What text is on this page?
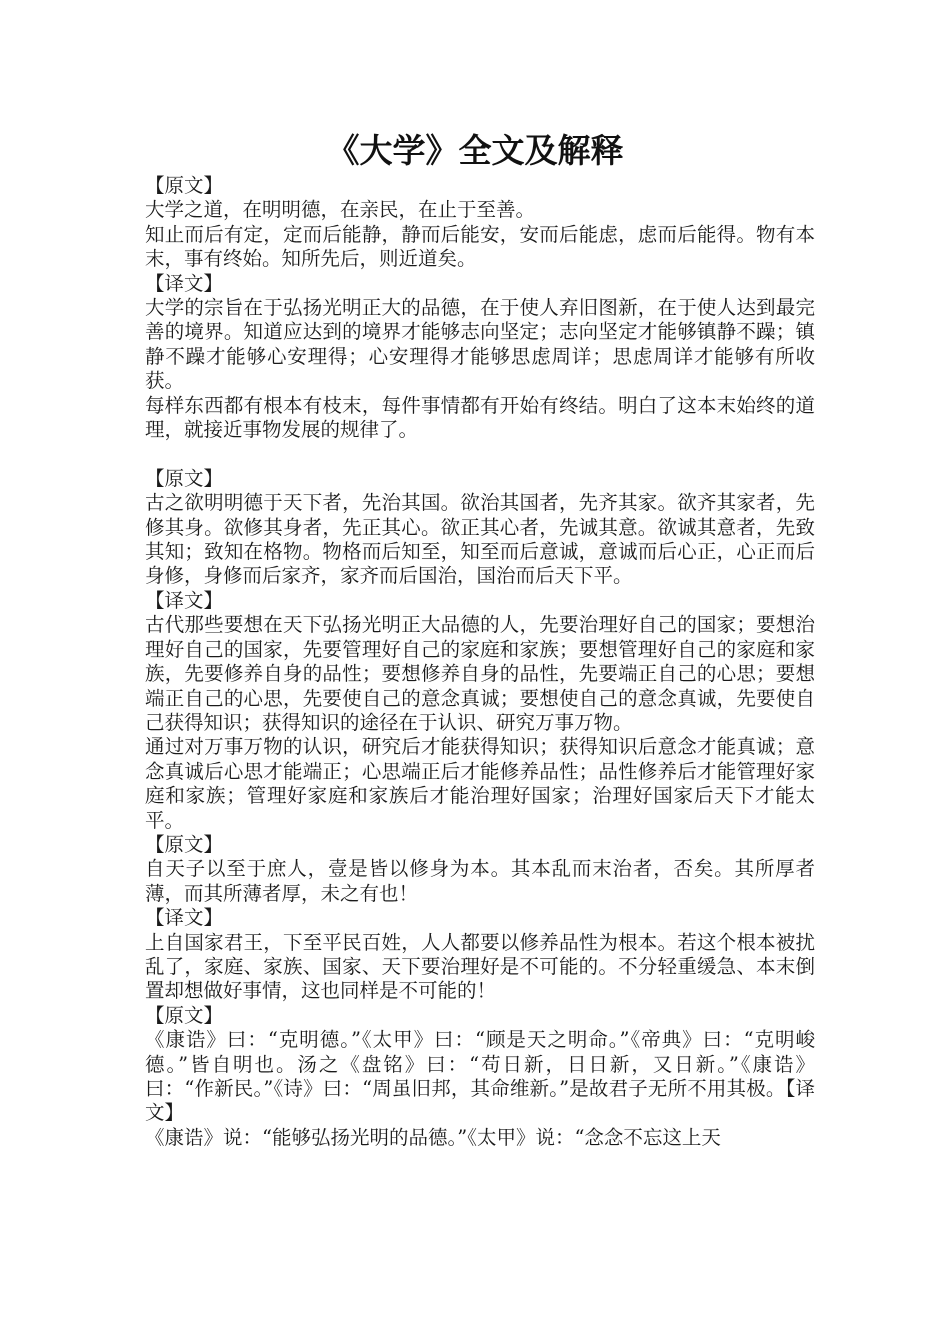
《大学》全文及解释
【原文】

大学之道，在明明德，在亲民，在止于至善。

知止而后有定，定而后能静，静而后能安，安而后能虑，虑而后能得。物有本末，事有终始。知所先后，则近道矣。

【译文】

大学的宗旨在于弘扬光明正大的品德，在于使人弃旧图新，在于使人达到最完善的境界。知道应达到的境界才能够志向坚定；志向坚定才能够镇静不躁；镇静不躁才能够心安理得；心安理得才能够思虑周详；思虑周详才能够有所收获。

每样东西都有根本有枝末，每件事情都有开始有终结。明白了这本末始终的道理，就接近事物发展的规律了。

【原文】

古之欲明明德于天下者，先治其国。欲治其国者，先齐其家。欲齐其家者，先修其身。欲修其身者，先正其心。欲正其心者，先诚其意。欲诚其意者，先致其知；致知在格物。物格而后知至，知至而后意诚，意诚而后心正，心正而后身修，身修而后家齐，家齐而后国治，国治而后天下平。

【译文】

古代那些要想在天下弘扬光明正大品德的人，先要治理好自己的国家；要想治理好自己的国家，先要管理好自己的家庭和家族；要想管理好自己的家庭和家族，先要修养自身的品性；要想修养自身的品性，先要端正自己的心思；要想端正自己的心思，先要使自己的意念真诚；要想使自己的意念真诚，先要使自己获得知识；获得知识的途径在于认识、研究万事万物。

通过对万事万物的认识，研究后才能获得知识；获得知识后意念才能真诚；意念真诚后心思才能端正；心思端正后才能修养品性；品性修养后才能管理好家庭和家族；管理好家庭和家族后才能治理好国家；治理好国家后天下才能太平。

【原文】

自天子以至于庶人，壹是皆以修身为本。其本乱而末治者，否矣。其所厚者薄，而其所薄者厚，未之有也！

【译文】

上自国家君王，下至平民百姓，人人都要以修养品性为根本。若这个根本被扰乱了，家庭、家族、国家、天下要治理好是不可能的。不分轻重缓急、本末倒置却想做好事情，这也同样是不可能的！

【原文】

《康诰》曰：“克明德。”《太甲》曰：“顾是天之明命。”《帝典》曰：“克明峻德。”皆自明也。汤之《盘铭》曰：“苟日新，日日新，又日新。”《康诰》曰：“作新民。”《诗》曰：“周虽旧邦，其命维新。”是故君子无所不用其极。【译文】

《康诰》说：“能够弘扬光明的品德。”《太甲》说：“念念不忘这上天
